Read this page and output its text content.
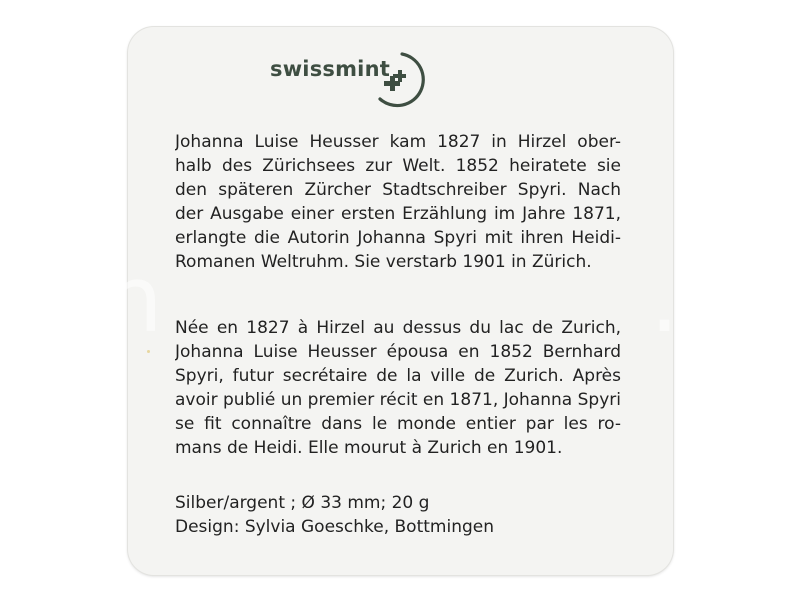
swissmint
Johanna Luise Heusser kam 1827 in Hirzel ober-
halb des Zürichsees zur Welt. 1852 heiratete sie
den späteren Zürcher Stadtschreiber Spyri. Nach
der Ausgabe einer ersten Erzählung im Jahre 1871,
erlangte die Autorin Johanna Spyri mit ihren Heidi-
Romanen Weltruhm. Sie verstarb 1901 in Zürich.
Née en 1827 à Hirzel au dessus du lac de Zurich,
Johanna Luise Heusser épousa en 1852 Bernhard
Spyri, futur secrétaire de la ville de Zurich. Après
avoir publié un premier récit en 1871, Johanna Spyri
se fit connaître dans le monde entier par les ro-
mans de Heidi. Elle mourut à Zurich en 1901.
Silber/argent ; Ø 33 mm; 20 g
Design: Sylvia Goeschke, Bottmingen
sch	.ch
